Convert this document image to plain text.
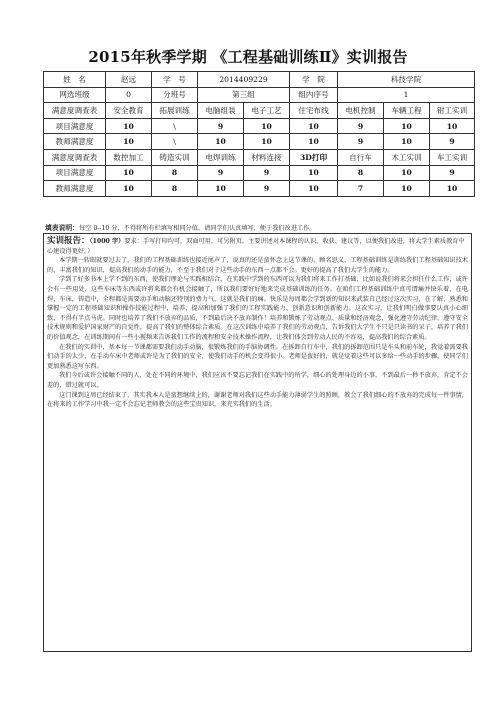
2015年秋季学期 《工程基础训练Ⅱ》实训报告
姓　名	赵远	学　号	2014409229		学　院	科技学院		
网选班级	0	分班号	第三组		组内序号	1		
满意度调查表	安全教育	拓展训练	电脑组装	电子工艺	住宅布线	电机控制	车辆工程	钳工实训
项目满意度	10	\	9	10	10	9	10	10
教师满意度	10	\	10	10	10	9	10	9
满意度调查表	数控加工	铸造实训	电焊训练	材料连接	3D打印	自行车	木工实训	车工实训
项目满意度	10	8	9	9	10	8	10	9
教师满意度	10	8	10	9	10	7	10	10
填表说明：每空 0--10 分，不得将所有栏填写相同分值。请同学们认真填写，便于我们改进工作。
实训报告：（1000 字）要求：手写打印均可，双面可用，可另附页。主要讲述对本课程的认识、收获、建议等，以便我们改进，将大学生素质教育中心建设得更好。）

本学期一转眼就要过去了，我们的工程基础训练也接近尾声了，说真的还是蛮怀念上这节课的，顾名思义，工程基础训练是训练我们工程基础知识技术的，丰富我们的知识，提高我们的动手的能力，不至于我们对于这些动手的东西一点都不会。更好的提高了我们大学生的能力。

学到了好多书本上学不到的东西，使我们理论与实践相结合，在实践中学到的东西可以为我们将来工作打基础，比如说我们将来会担任什么工作，或许会有一些用处，这些车床等东西或许将来都会有机会接触了，所以我们要好好地来完成基础训练的任务。在咱们工程基础训练中真可谓痛并快乐着，在电焊，车床，铸造中，全程都是需要动手和动脑还特别的费力气，这就是我们的痛。快乐是每周都会学到新的知识来武装自己经过这次实习，在了解，熟悉和掌握一定的工程基础知识和操作技能过程中，培养、提高和加强了我们的工程实践能力、创新意识和创新能力。这次实习，让我们明白做事要认真小心细致，不得有半点马虎。同时也培养了我们不放弃的品质，不到最后决不放弃制作！培养和锻炼了劳动观点、质量和经济观念，强化遵守劳动纪律、遵守安全技术规则和爱护国家财产的自觉性，提高了我们的整体综合素质。在这次训练中培养了我们的劳动观点，告诉我们大学生不只是只读书的呆子，培养了我们的价值观念，在训练期间有一些小视频来告诉我们工作的流程和安全技术操作流程，让我们体会到劳动人民的不容易，提高我们的综合素质。

在我们的实训中，基本每一节课都需要我们动手动脑，很锻炼我们的手脑协调性。在拆卸自行车中，我们的拆卸范围只是车头和前车轮，我觉着需要我们动手的太少，在手动车床中老师或许是为了我们的安全，使我们动手的机会变得很小。老师是蛮好的，就是觉着这些可以多给一些动手的步骤，使同学们更加熟悉这写东西。

我们今后或许会接触不同的人，处在不同的环境中，我们应该不要忘记我们在实践中的所学，细心的处理身边的小事，不到最后一秒不放弃，肯定不会差的，错过就可以。

这门课到这周已经结束了，其实我本人是蛮想继续上的，谢谢老师对我们这些动手能力薄弱学生的照顾，教会了我们细心的不放弃的完成每一件事情，在将来的工作学习中我一定不会忘记老师教会的这些宝贵知识，来充实我们的生活。
